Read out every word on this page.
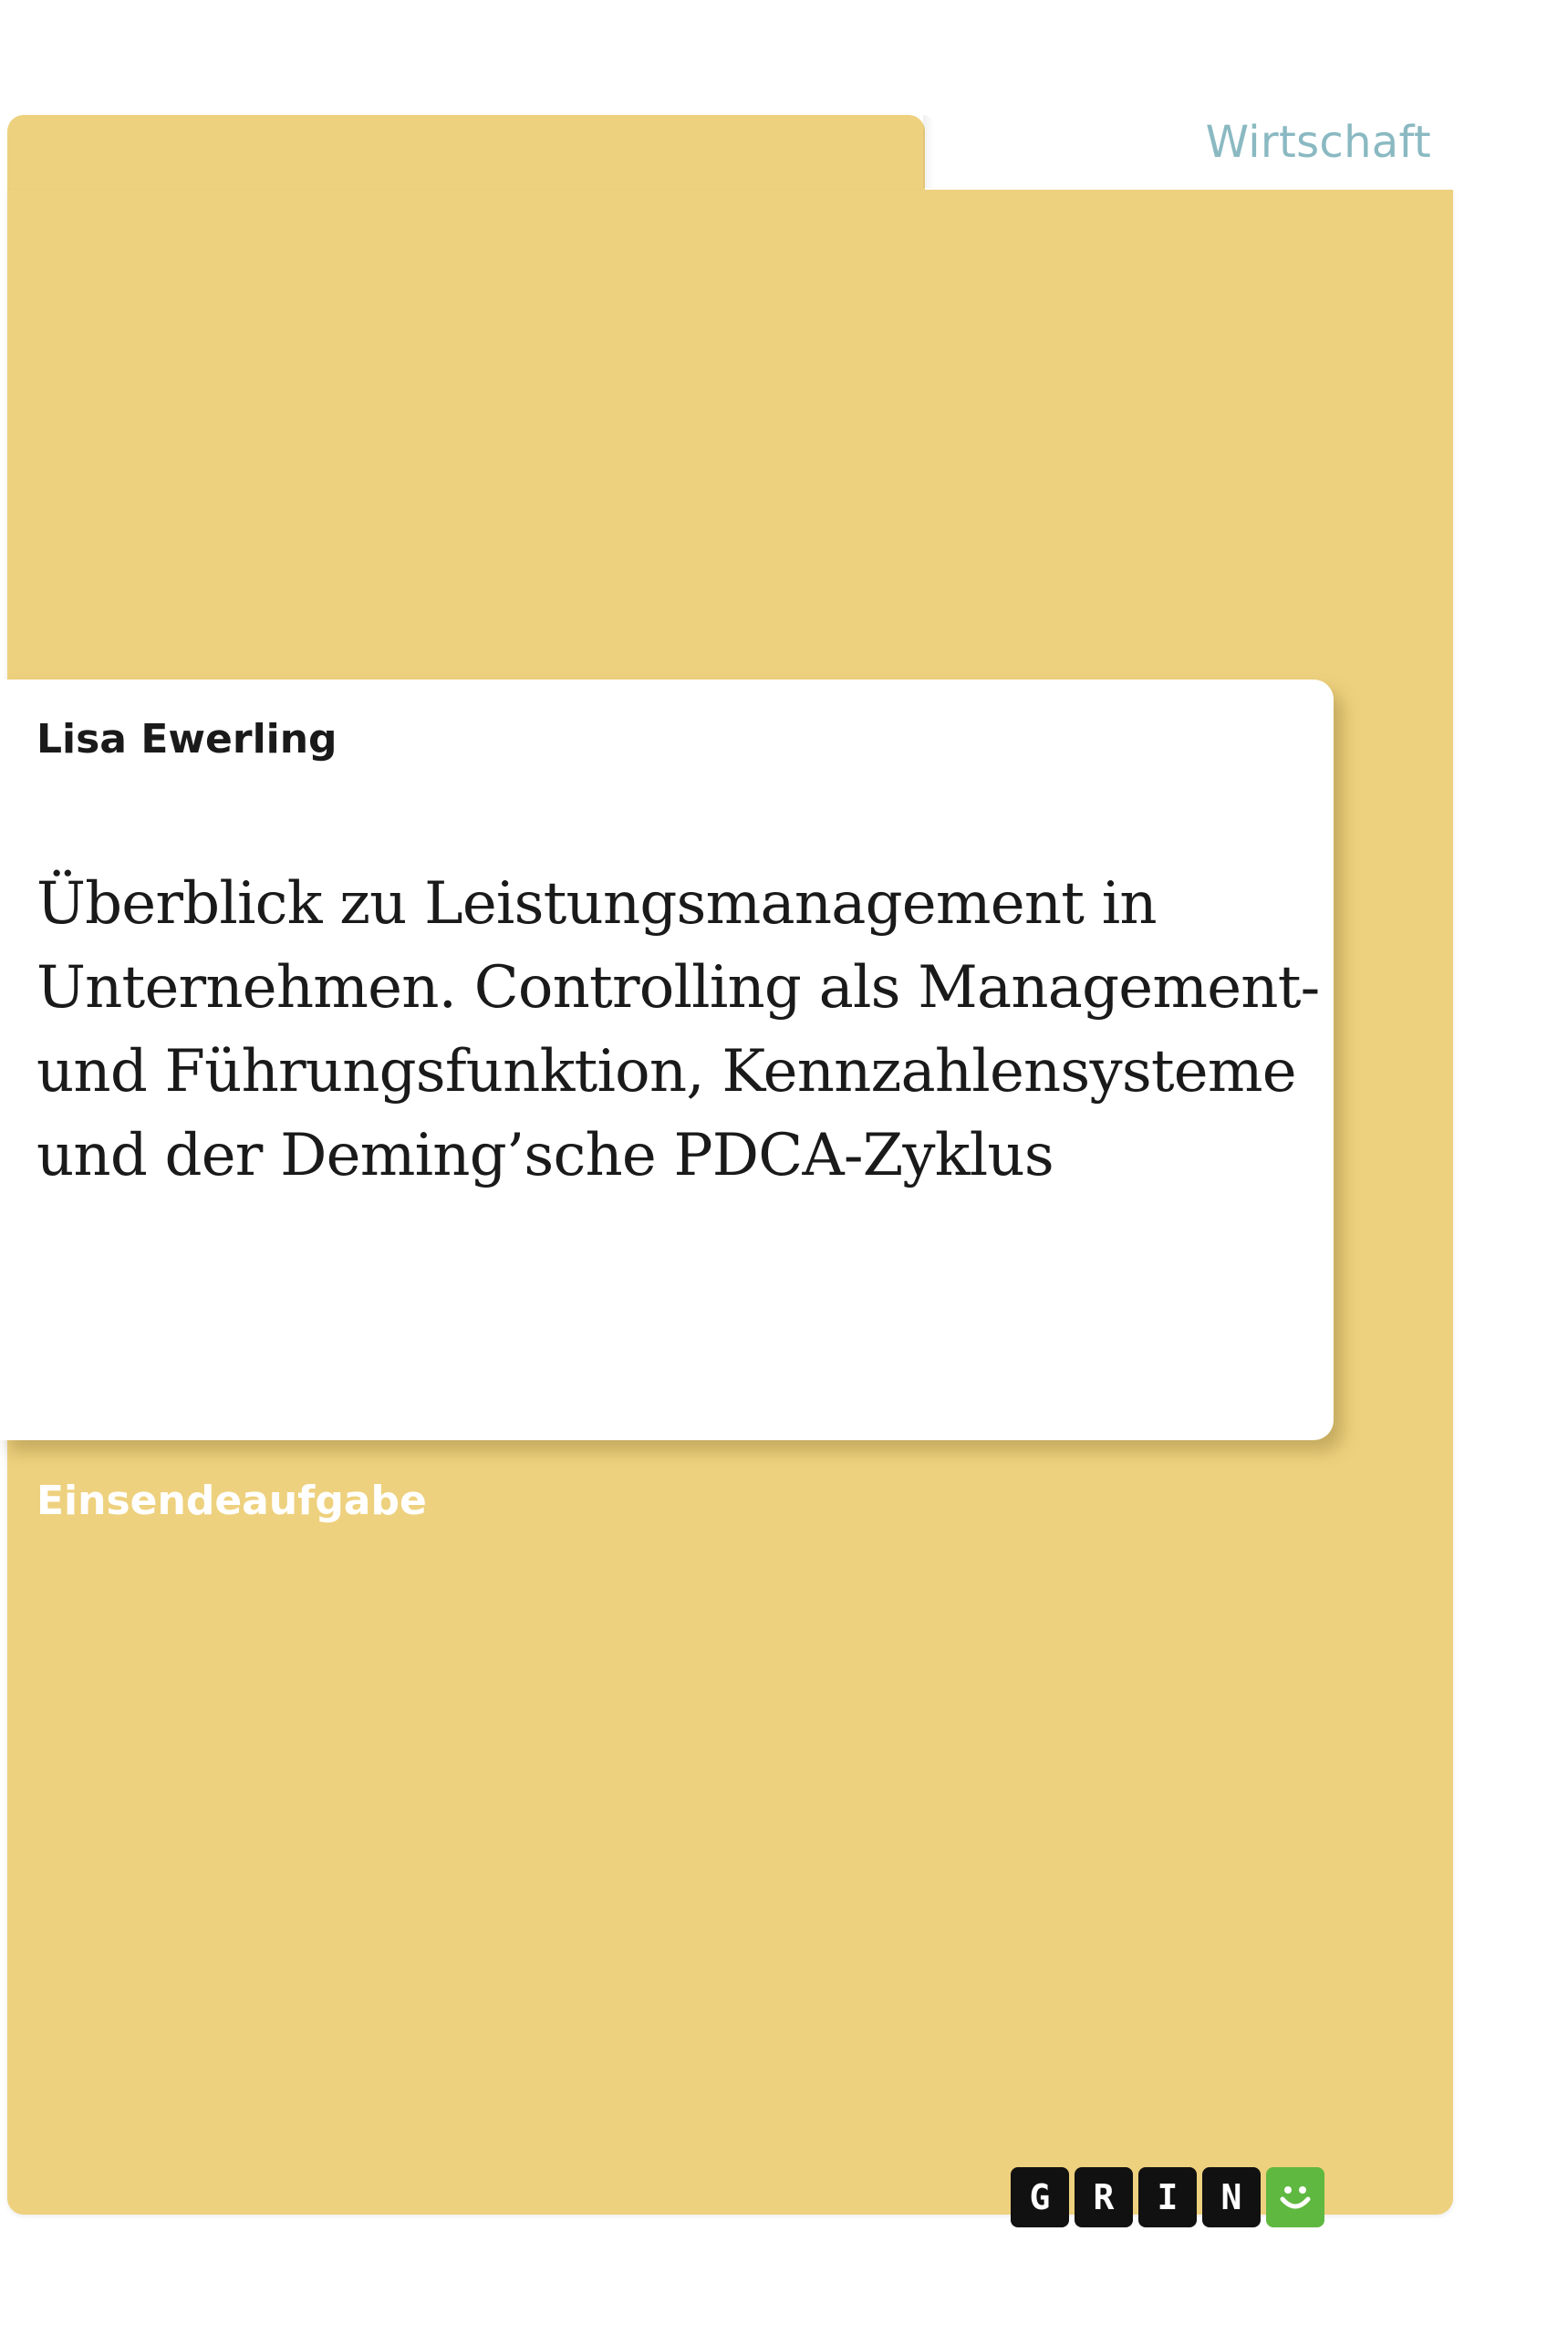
Wirtschaft
Lisa Ewerling
Überblick zu Leistungsmanagement in Unternehmen. Controlling als Management- und Führungsfunktion, Kennzahlensysteme und der Deming’sche PDCA-Zyklus
Einsendeaufgabe
G	R	I	N
